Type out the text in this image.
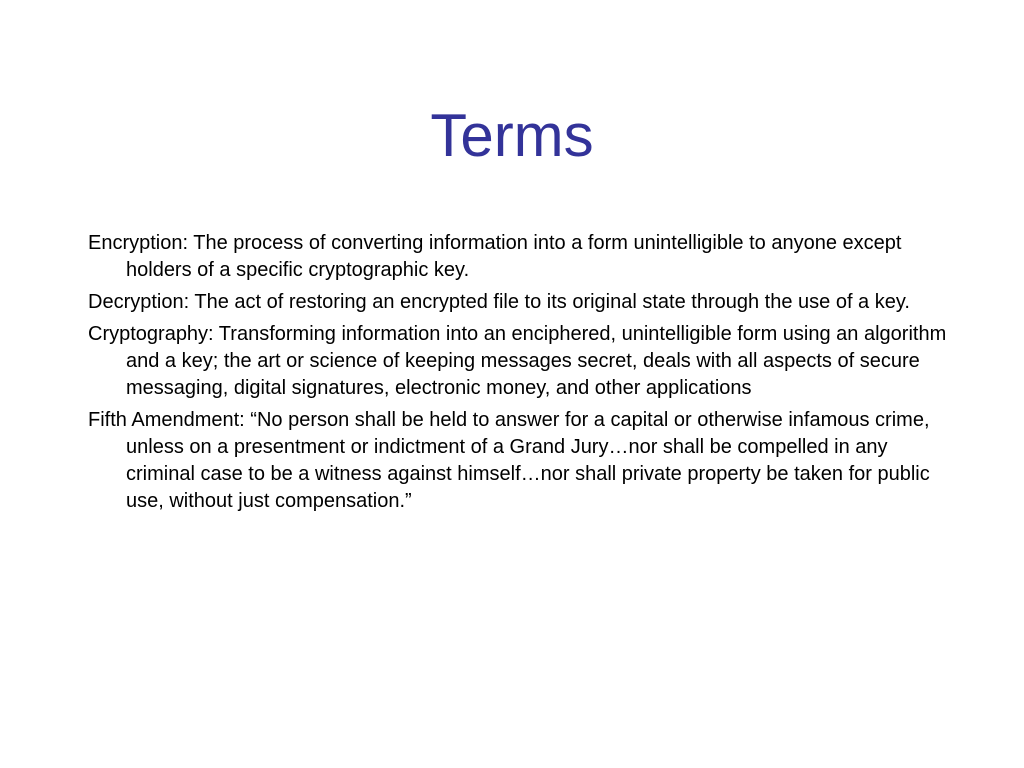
Terms
Encryption: The process of converting information into a form unintelligible to anyone except holders of a specific cryptographic key.
Decryption: The act of restoring an encrypted file to its original state through the use of a key.
Cryptography: Transforming information into an enciphered, unintelligible form using an algorithm and a key; the art or science of keeping messages secret, deals with all aspects of secure messaging, digital signatures, electronic money, and other applications
Fifth Amendment: “No person shall be held to answer for a capital or otherwise infamous crime, unless on a presentment or indictment of a Grand Jury…nor shall be compelled in any criminal case to be a witness against himself…nor shall private property be taken for public use, without just compensation.”
